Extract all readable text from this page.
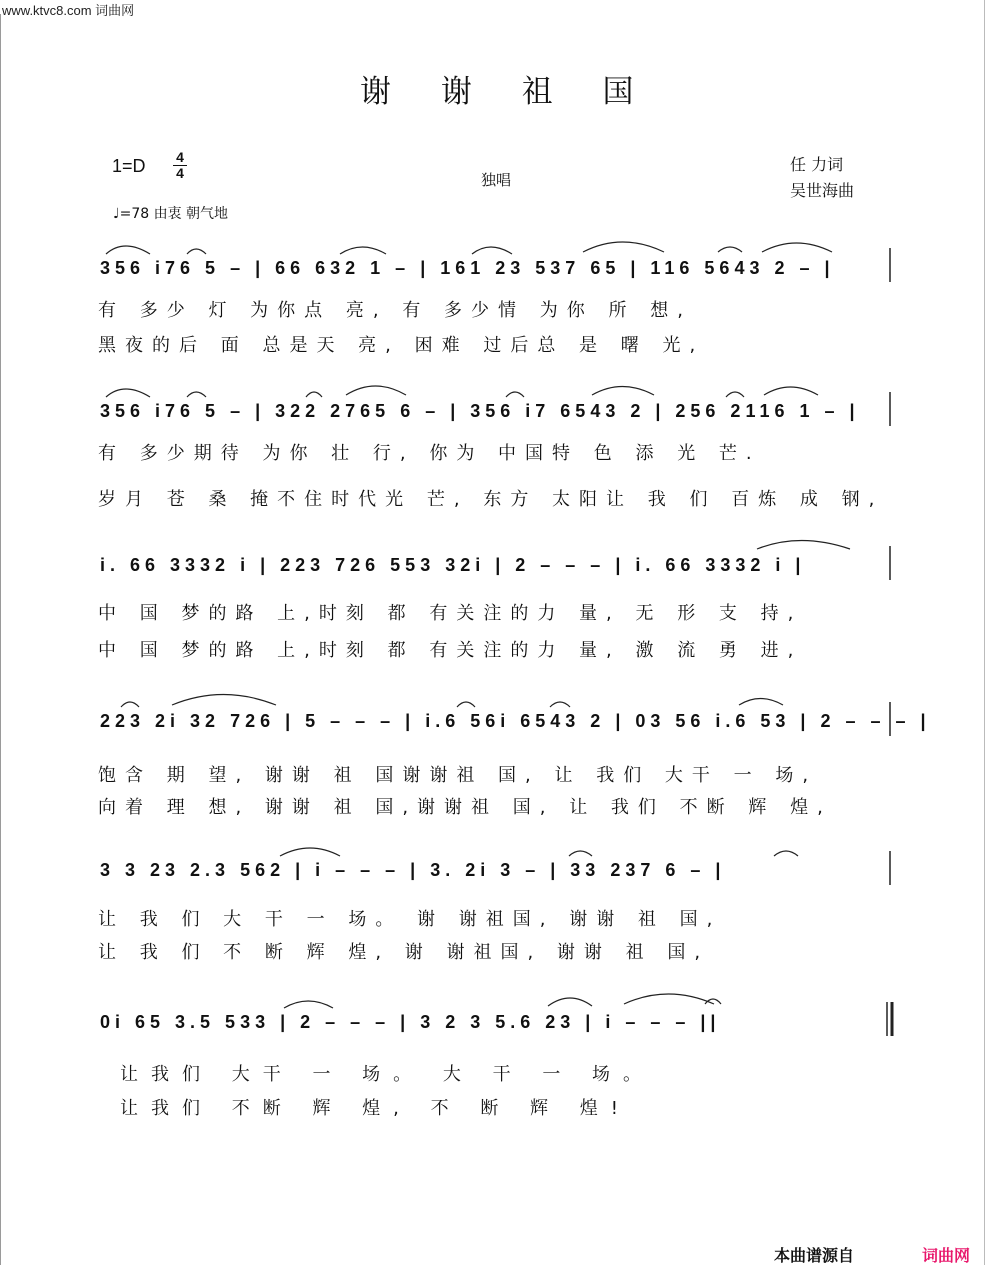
www.ktvc8.com 词曲网
谢 谢 祖 国
1=D 4
4	独唱
任 力词
吴世海曲
♩=78 由衷 朝气地
356 i76 5 – | 66 632 1 – | 161 23 537 65 | 116 5643 2 – |
有 多少 灯 为你点 亮, 有 多少情 为你 所 想,
黑夜的后 面 总是天 亮, 困难 过后总 是 曙 光,
356 i76 5 – | 322 2765 6 – | 356 i7 6543 2 | 256 2116 1 – |
有 多少期待 为你 壮 行, 你为 中国特 色 添 光 芒.
岁月 苍 桑 掩不住时代光 芒, 东方 太阳让 我 们 百炼 成 钢,
i. 66 3332 i | 223 726 553 32i | 2 – – – | i. 66 3332 i |
中 国 梦的路 上,时刻 都 有关注的力 量, 无 形 支 持,
中 国 梦的路 上,时刻 都 有关注的力 量, 激 流 勇 进,
223 2i 32 726 | 5 – – – | i.6 56i 6543 2 | 03 56 i.6 53 | 2 – – – |
饱含 期 望, 谢谢 祖 国谢谢祖 国, 让 我们 大干 一 场,
向着 理 想, 谢谢 祖 国,谢谢祖 国, 让 我们 不断 辉 煌,
3 3 23 2.3 562 | i – – – | 3. 2i 3 – | 33 237 6 – |
让 我 们 大 干 一 场。 谢 谢祖国, 谢谢 祖 国,
让 我 们 不 断 辉 煌, 谢 谢祖国, 谢谢 祖 国,
0i 65 3.5 533 | 2 – – – | 3 2 3 5.6 23 | i – – – ||
让我们 大干 一 场。 大 干 一 场。
让我们 不断 辉 煌, 不 断 辉 煌!
本曲谱源自	词曲网
